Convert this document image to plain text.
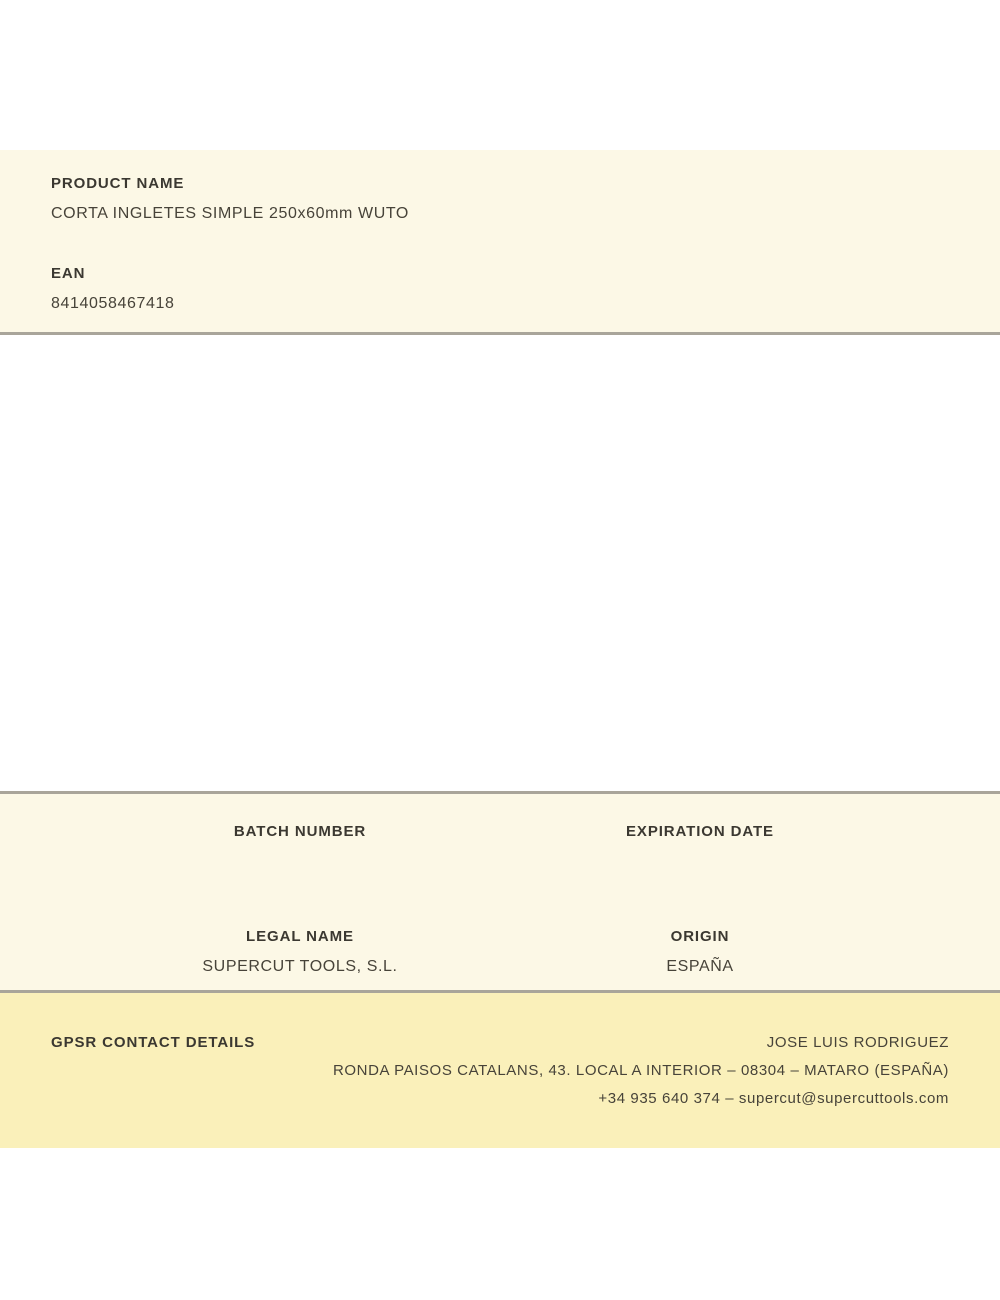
PRODUCT NAME
CORTA INGLETES SIMPLE 250x60mm WUTO
EAN
8414058467418
BATCH NUMBER	EXPIRATION DATE
LEGAL NAME
SUPERCUT TOOLS, S.L.
ORIGIN
ESPAÑA
GPSR CONTACT DETAILS	JOSE LUIS RODRIGUEZ
RONDA PAISOS CATALANS, 43. LOCAL A INTERIOR – 08304 – MATARO (ESPAÑA)
+34 935 640 374 – supercut@supercuttools.com
